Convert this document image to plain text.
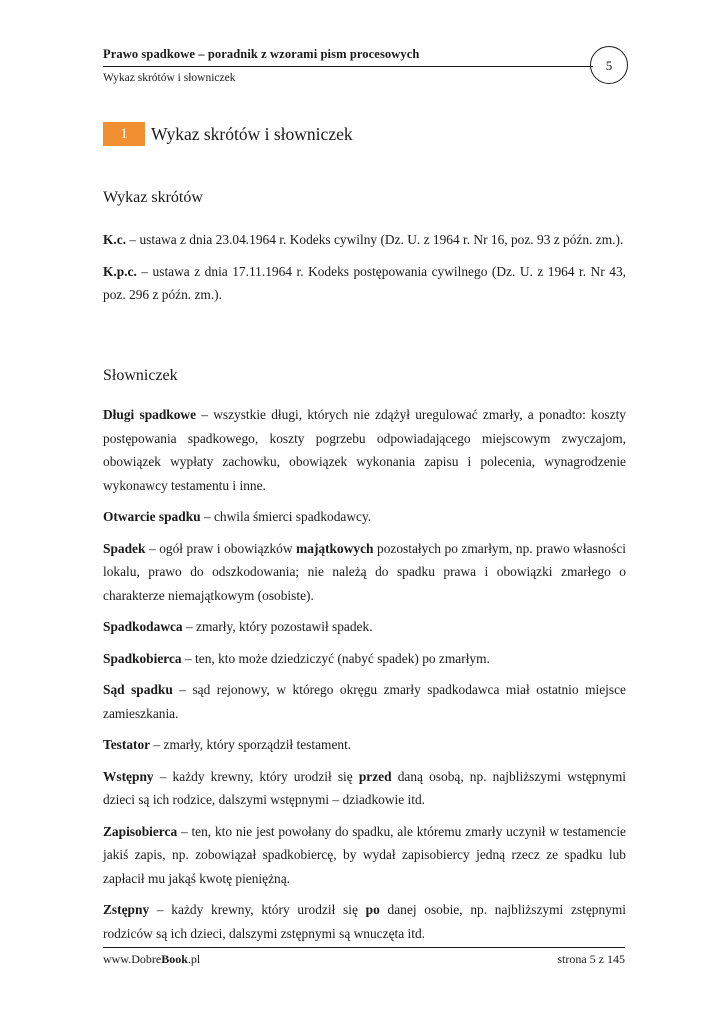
Prawo spadkowe – poradnik z wzorami pism procesowych
Wykaz skrótów i słowniczek
5
1	Wykaz skrótów i słowniczek
Wykaz skrótów

K.c. – ustawa z dnia 23.04.1964 r. Kodeks cywilny (Dz. U. z 1964 r. Nr 16, poz. 93 z późn. zm.).

K.p.c. – ustawa z dnia 17.11.1964 r. Kodeks postępowania cywilnego (Dz. U. z 1964 r. Nr 43, poz. 296 z późn. zm.).

Słowniczek

Długi spadkowe – wszystkie długi, których nie zdążył uregulować zmarły, a ponadto: koszty postępowania spadkowego, koszty pogrzebu odpowiadającego miejscowym zwyczajom, obowiązek wypłaty zachowku, obowiązek wykonania zapisu i polecenia, wynagrodzenie wykonawcy testamentu i inne.

Otwarcie spadku – chwila śmierci spadkodawcy.

Spadek – ogół praw i obowiązków majątkowych pozostałych po zmarłym, np. prawo własności lokalu, prawo do odszkodowania; nie należą do spadku prawa i obowiązki zmarłego o charakterze niemajątkowym (osobiste).

Spadkodawca – zmarły, który pozostawił spadek.

Spadkobierca – ten, kto może dziedziczyć (nabyć spadek) po zmarłym.

Sąd spadku – sąd rejonowy, w którego okręgu zmarły spadkodawca miał ostatnio miejsce zamieszkania.

Testator – zmarły, który sporządził testament.

Wstępny – każdy krewny, który urodził się przed daną osobą, np. najbliższymi wstępnymi dzieci są ich rodzice, dalszymi wstępnymi – dziadkowie itd.

Zapisobierca – ten, kto nie jest powołany do spadku, ale któremu zmarły uczynił w testamencie jakiś zapis, np. zobowiązał spadkobiercę, by wydał zapisobiercy jedną rzecz ze spadku lub zapłacił mu jakąś kwotę pieniężną.

Zstępny – każdy krewny, który urodził się po danej osobie, np. najbliższymi zstępnymi rodziców są ich dzieci, dalszymi zstępnymi są wnuczęta itd.

www.DobreBook.pl	strona 5 z 145
